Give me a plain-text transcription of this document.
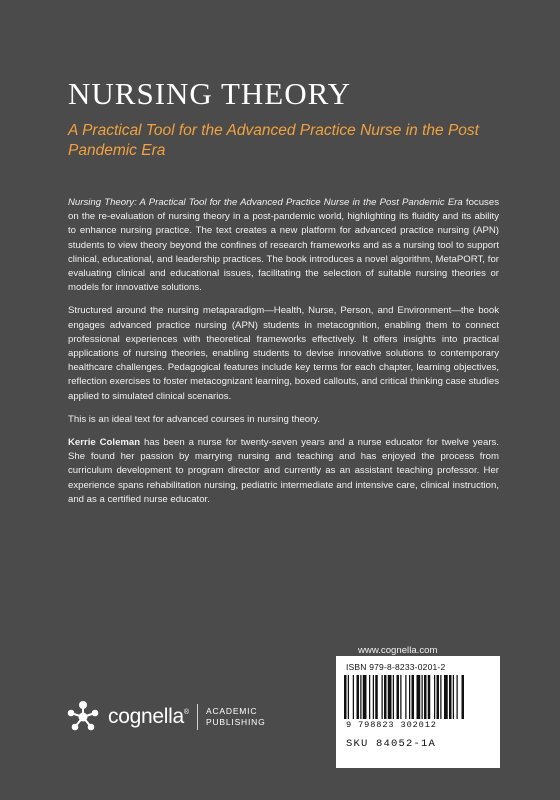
NURSING THEORY

A Practical Tool for the Advanced Practice Nurse in the Post Pandemic Era

Nursing Theory: A Practical Tool for the Advanced Practice Nurse in the Post Pandemic Era focuses on the re-evaluation of nursing theory in a post-pandemic world, highlighting its fluidity and its ability to enhance nursing practice. The text creates a new platform for advanced practice nursing (APN) students to view theory beyond the confines of research frameworks and as a nursing tool to support clinical, educational, and leadership practices. The book introduces a novel algorithm, MetaPORT, for evaluating clinical and educational issues, facilitating the selection of suitable nursing theories or models for innovative solutions.

Structured around the nursing metaparadigm—Health, Nurse, Person, and Environment—the book engages advanced practice nursing (APN) students in metacognition, enabling them to connect professional experiences with theoretical frameworks effectively. It offers insights into practical applications of nursing theories, enabling students to devise innovative solutions to contemporary healthcare challenges. Pedagogical features include key terms for each chapter, learning objectives, reflection exercises to foster metacognizant learning, boxed callouts, and critical thinking case studies applied to simulated clinical scenarios.

This is an ideal text for advanced courses in nursing theory.

Kerrie Coleman has been a nurse for twenty-seven years and a nurse educator for twelve years. She found her passion by marrying nursing and teaching and has enjoyed the process from curriculum development to program director and currently as an assistant teaching professor. Her experience spans rehabilitation nursing, pediatric intermediate and intensive care, clinical instruction, and as a certified nurse educator.

www.cognella.com
ISBN 979-8-8233-0201-2
9 798823 302012
SKU 84052-1A
cognella® ACADEMIC
PUBLISHING
